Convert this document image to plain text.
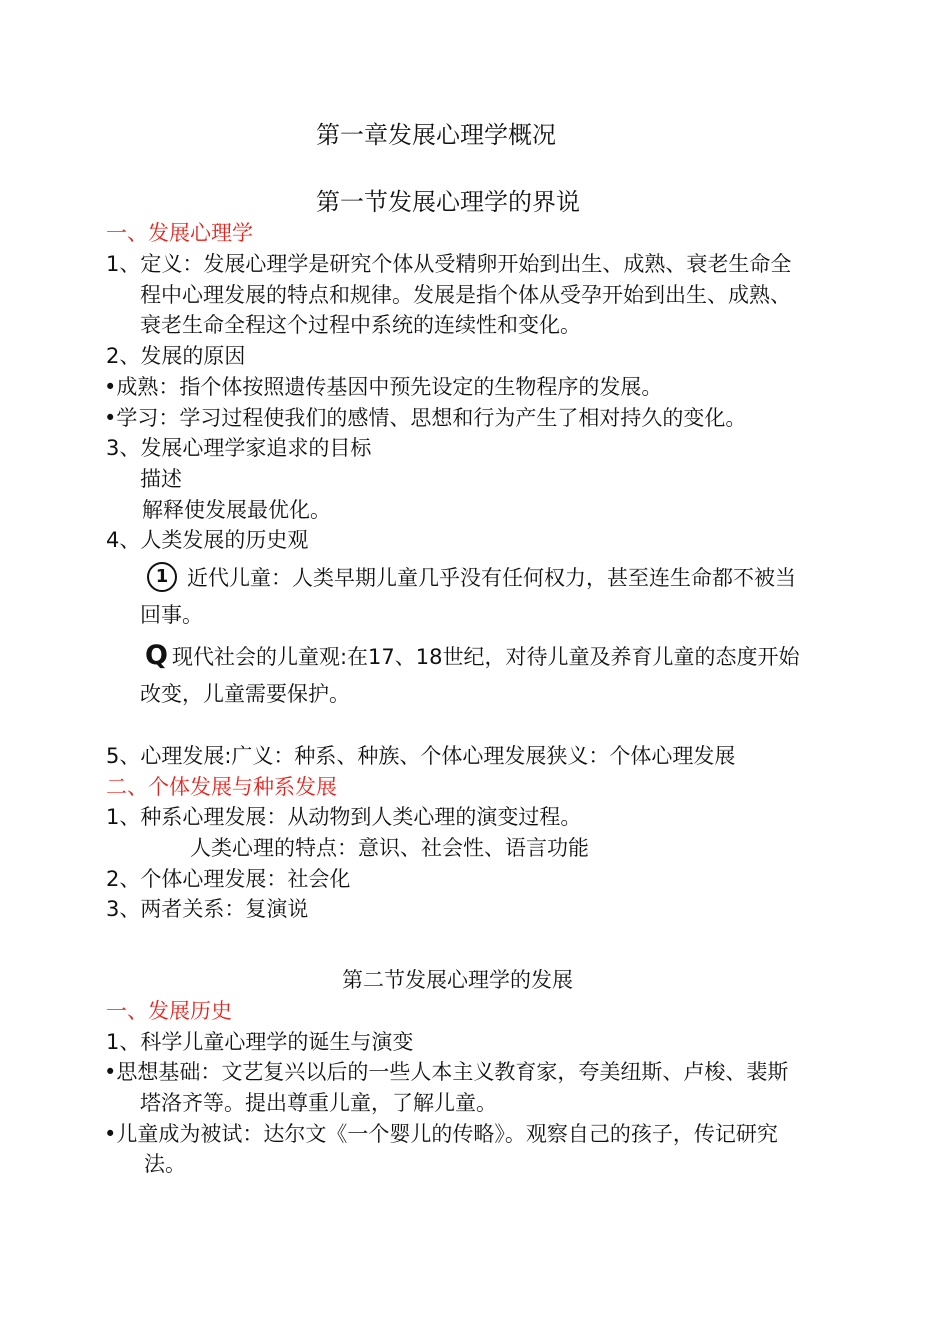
第一章发展心理学概况
第一节发展心理学的界说
一、发展心理学
1、定义：发展心理学是研究个体从受精卵开始到出生、成熟、衰老生命全
程中心理发展的特点和规律。发展是指个体从受孕开始到出生、成熟、
衰老生命全程这个过程中系统的连续性和变化。
2、发展的原因
•成熟：指个体按照遗传基因中预先设定的生物程序的发展。
•学习：学习过程使我们的感情、思想和行为产生了相对持久的变化。
3、发展心理学家追求的目标
描述
解释使发展最优化。
4、人类发展的历史观
1 近代儿童：人类早期儿童几乎没有任何权力，甚至连生命都不被当
回事。
Q 现代社会的儿童观:在17、18世纪，对待儿童及养育儿童的态度开始
改变，儿童需要保护。
5、心理发展:广义：种系、种族、个体心理发展狭义：个体心理发展
二、个体发展与种系发展
1、种系心理发展：从动物到人类心理的演变过程。
人类心理的特点：意识、社会性、语言功能
2、个体心理发展：社会化
3、两者关系：复演说
第二节发展心理学的发展
一、发展历史
1、科学儿童心理学的诞生与演变
•思想基础：文艺复兴以后的一些人本主义教育家，夸美纽斯、卢梭、裴斯
塔洛齐等。提出尊重儿童，了解儿童。
•儿童成为被试：达尔文《一个婴儿的传略》。观察自己的孩子，传记研究
法。
